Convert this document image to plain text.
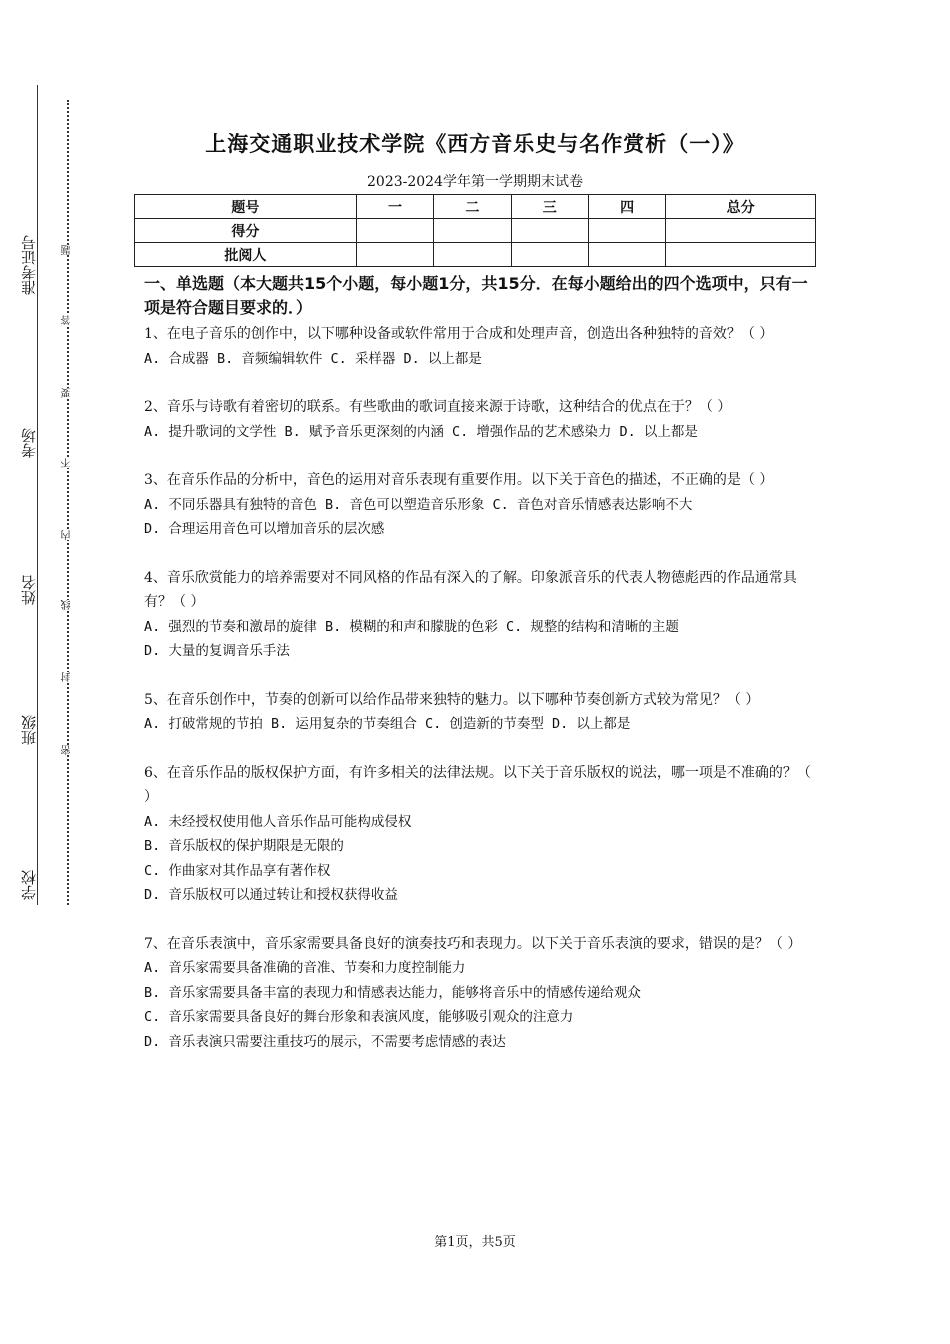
准考证号
考场
姓名
班级
学校
题
答
要
不
内
线
封
密
上海交通职业技术学院《西方音乐史与名作赏析（一）》
2023-2024学年第一学期期末试卷
题号	一	二	三	四	总分
得分					
批阅人					
一、单选题（本大题共15个小题，每小题1分，共15分．在每小题给出的四个选项中，只有一项是符合题目要求的．）
1、在电子音乐的创作中，以下哪种设备或软件常用于合成和处理声音，创造出各种独特的音效？（ ）
A. 合成器 B. 音频编辑软件 C. 采样器 D. 以上都是
2、音乐与诗歌有着密切的联系。有些歌曲的歌词直接来源于诗歌，这种结合的优点在于？（ ）
A. 提升歌词的文学性 B. 赋予音乐更深刻的内涵 C. 增强作品的艺术感染力 D. 以上都是
3、在音乐作品的分析中，音色的运用对音乐表现有重要作用。以下关于音色的描述，不正确的是（ ）
A. 不同乐器具有独特的音色 B. 音色可以塑造音乐形象 C. 音色对音乐情感表达影响不大
D. 合理运用音色可以增加音乐的层次感
4、音乐欣赏能力的培养需要对不同风格的作品有深入的了解。印象派音乐的代表人物德彪西的作品通常具有？（ ）
A. 强烈的节奏和激昂的旋律 B. 模糊的和声和朦胧的色彩 C. 规整的结构和清晰的主题
D. 大量的复调音乐手法
5、在音乐创作中，节奏的创新可以给作品带来独特的魅力。以下哪种节奏创新方式较为常见？（ ）
A. 打破常规的节拍 B. 运用复杂的节奏组合 C. 创造新的节奏型 D. 以上都是
6、在音乐作品的版权保护方面，有许多相关的法律法规。以下关于音乐版权的说法，哪一项是不准确的？（ ）
A. 未经授权使用他人音乐作品可能构成侵权
B. 音乐版权的保护期限是无限的
C. 作曲家对其作品享有著作权
D. 音乐版权可以通过转让和授权获得收益
7、在音乐表演中，音乐家需要具备良好的演奏技巧和表现力。以下关于音乐表演的要求，错误的是？（ ）
A. 音乐家需要具备准确的音准、节奏和力度控制能力
B. 音乐家需要具备丰富的表现力和情感表达能力，能够将音乐中的情感传递给观众
C. 音乐家需要具备良好的舞台形象和表演风度，能够吸引观众的注意力
D. 音乐表演只需要注重技巧的展示，不需要考虑情感的表达
第1页，共5页
